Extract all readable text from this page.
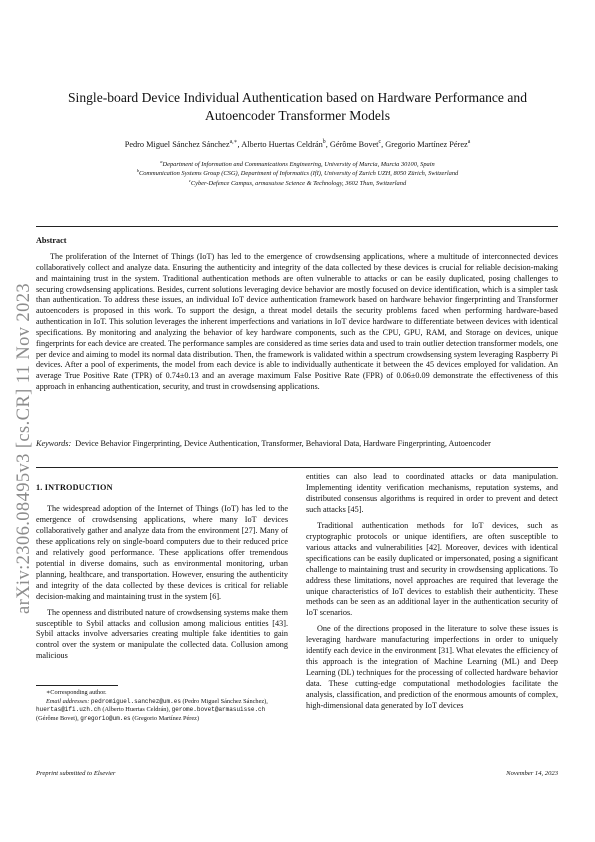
arXiv:2306.08495v3 [cs.CR] 11 Nov 2023
Single-board Device Individual Authentication based on Hardware Performance and
Autoencoder Transformer Models
Pedro Miguel Sánchez Sánchez$^{a,∗}$, Alberto Huertas Celdrán$^b$, Gérôme Bovet$^c$, Gregorio Martínez Pérez$^a$
$^a$Department of Information and Communications Engineering, University of Murcia, Murcia 30100, Spain
$^b$Communication Systems Group (CSG), Department of Informatics (IfI), University of Zurich UZH, 8050 Zürich, Switzerland
$^c$Cyber-Defence Campus, armasuisse Science & Technology, 3602 Thun, Switzerland
Abstract

The proliferation of the Internet of Things (IoT) has led to the emergence of crowdsensing applications, where a multitude of interconnected devices collaboratively collect and analyze data. Ensuring the authenticity and integrity of the data collected by these devices is crucial for reliable decision-making and maintaining trust in the system. Traditional authentication methods are often vulnerable to attacks or can be easily duplicated, posing challenges to securing crowdsensing applications. Besides, current solutions leveraging device behavior are mostly focused on device identification, which is a simpler task than authentication. To address these issues, an individual IoT device authentication framework based on hardware behavior fingerprinting and Transformer autoencoders is proposed in this work. To support the design, a threat model details the security problems faced when performing hardware-based authentication in IoT. This solution leverages the inherent imperfections and variations in IoT device hardware to differentiate between devices with identical specifications. By monitoring and analyzing the behavior of key hardware components, such as the CPU, GPU, RAM, and Storage on devices, unique fingerprints for each device are created. The performance samples are considered as time series data and used to train outlier detection transformer models, one per device and aiming to model its normal data distribution. Then, the framework is validated within a spectrum crowdsensing system leveraging Raspberry Pi devices. After a pool of experiments, the model from each device is able to individually authenticate it between the 45 devices employed for validation. An average True Positive Rate (TPR) of 0.74±0.13 and an average maximum False Positive Rate (FPR) of 0.06±0.09 demonstrate the effectiveness of this approach in enhancing authentication, security, and trust in crowdsensing applications.

Keywords: Device Behavior Fingerprinting, Device Authentication, Transformer, Behavioral Data, Hardware Fingerprinting, Autoencoder

1. INTRODUCTION

The widespread adoption of the Internet of Things (IoT) has led to the emergence of crowdsensing applications, where many IoT devices collaboratively gather and analyze data from the environment [27]. Many of these applications rely on single-board computers due to their reduced price and relatively good performance. These applications offer tremendous potential in diverse domains, such as environmental monitoring, urban planning, healthcare, and transportation. However, ensuring the authenticity and integrity of the data collected by these devices is critical for reliable decision-making and maintaining trust in the system [6].

The openness and distributed nature of crowdsensing systems make them susceptible to Sybil attacks and collusion among malicious entities [43]. Sybil attacks involve adversaries creating multiple fake identities to gain control over the system or manipulate the collected data. Collusion among malicious

entities can also lead to coordinated attacks or data manipulation. Implementing identity verification mechanisms, reputation systems, and distributed consensus algorithms is required in order to prevent and detect such attacks [45].

Traditional authentication methods for IoT devices, such as cryptographic protocols or unique identifiers, are often susceptible to various attacks and vulnerabilities [42]. Moreover, devices with identical specifications can be easily duplicated or impersonated, posing a significant challenge to maintaining trust and security in crowdsensing applications. To address these limitations, novel approaches are required that leverage the unique characteristics of IoT devices to establish their authenticity. These methods can be seen as an additional layer in the authentication security of IoT scenarios.

One of the directions proposed in the literature to solve these issues is leveraging hardware manufacturing imperfections in order to uniquely identify each device in the environment [31]. What elevates the efficiency of this approach is the integration of Machine Learning (ML) and Deep Learning (DL) techniques for the processing of collected hardware behavior data. These cutting-edge computational methodologies facilitate the analysis, classification, and prediction of the enormous amounts of complex, high-dimensional data generated by IoT devices

∗Corresponding author.

Email addresses: pedromiguel.sanchez@um.es (Pedro Miguel Sánchez Sánchez), huertas@ifi.uzh.ch (Alberto Huertas Celdrán), gerome.bovet@armasuisse.ch (Gérôme Bovet), gregorio@um.es (Gregorio Martínez Pérez)

Preprint submitted to Elsevier	November 14, 2023
